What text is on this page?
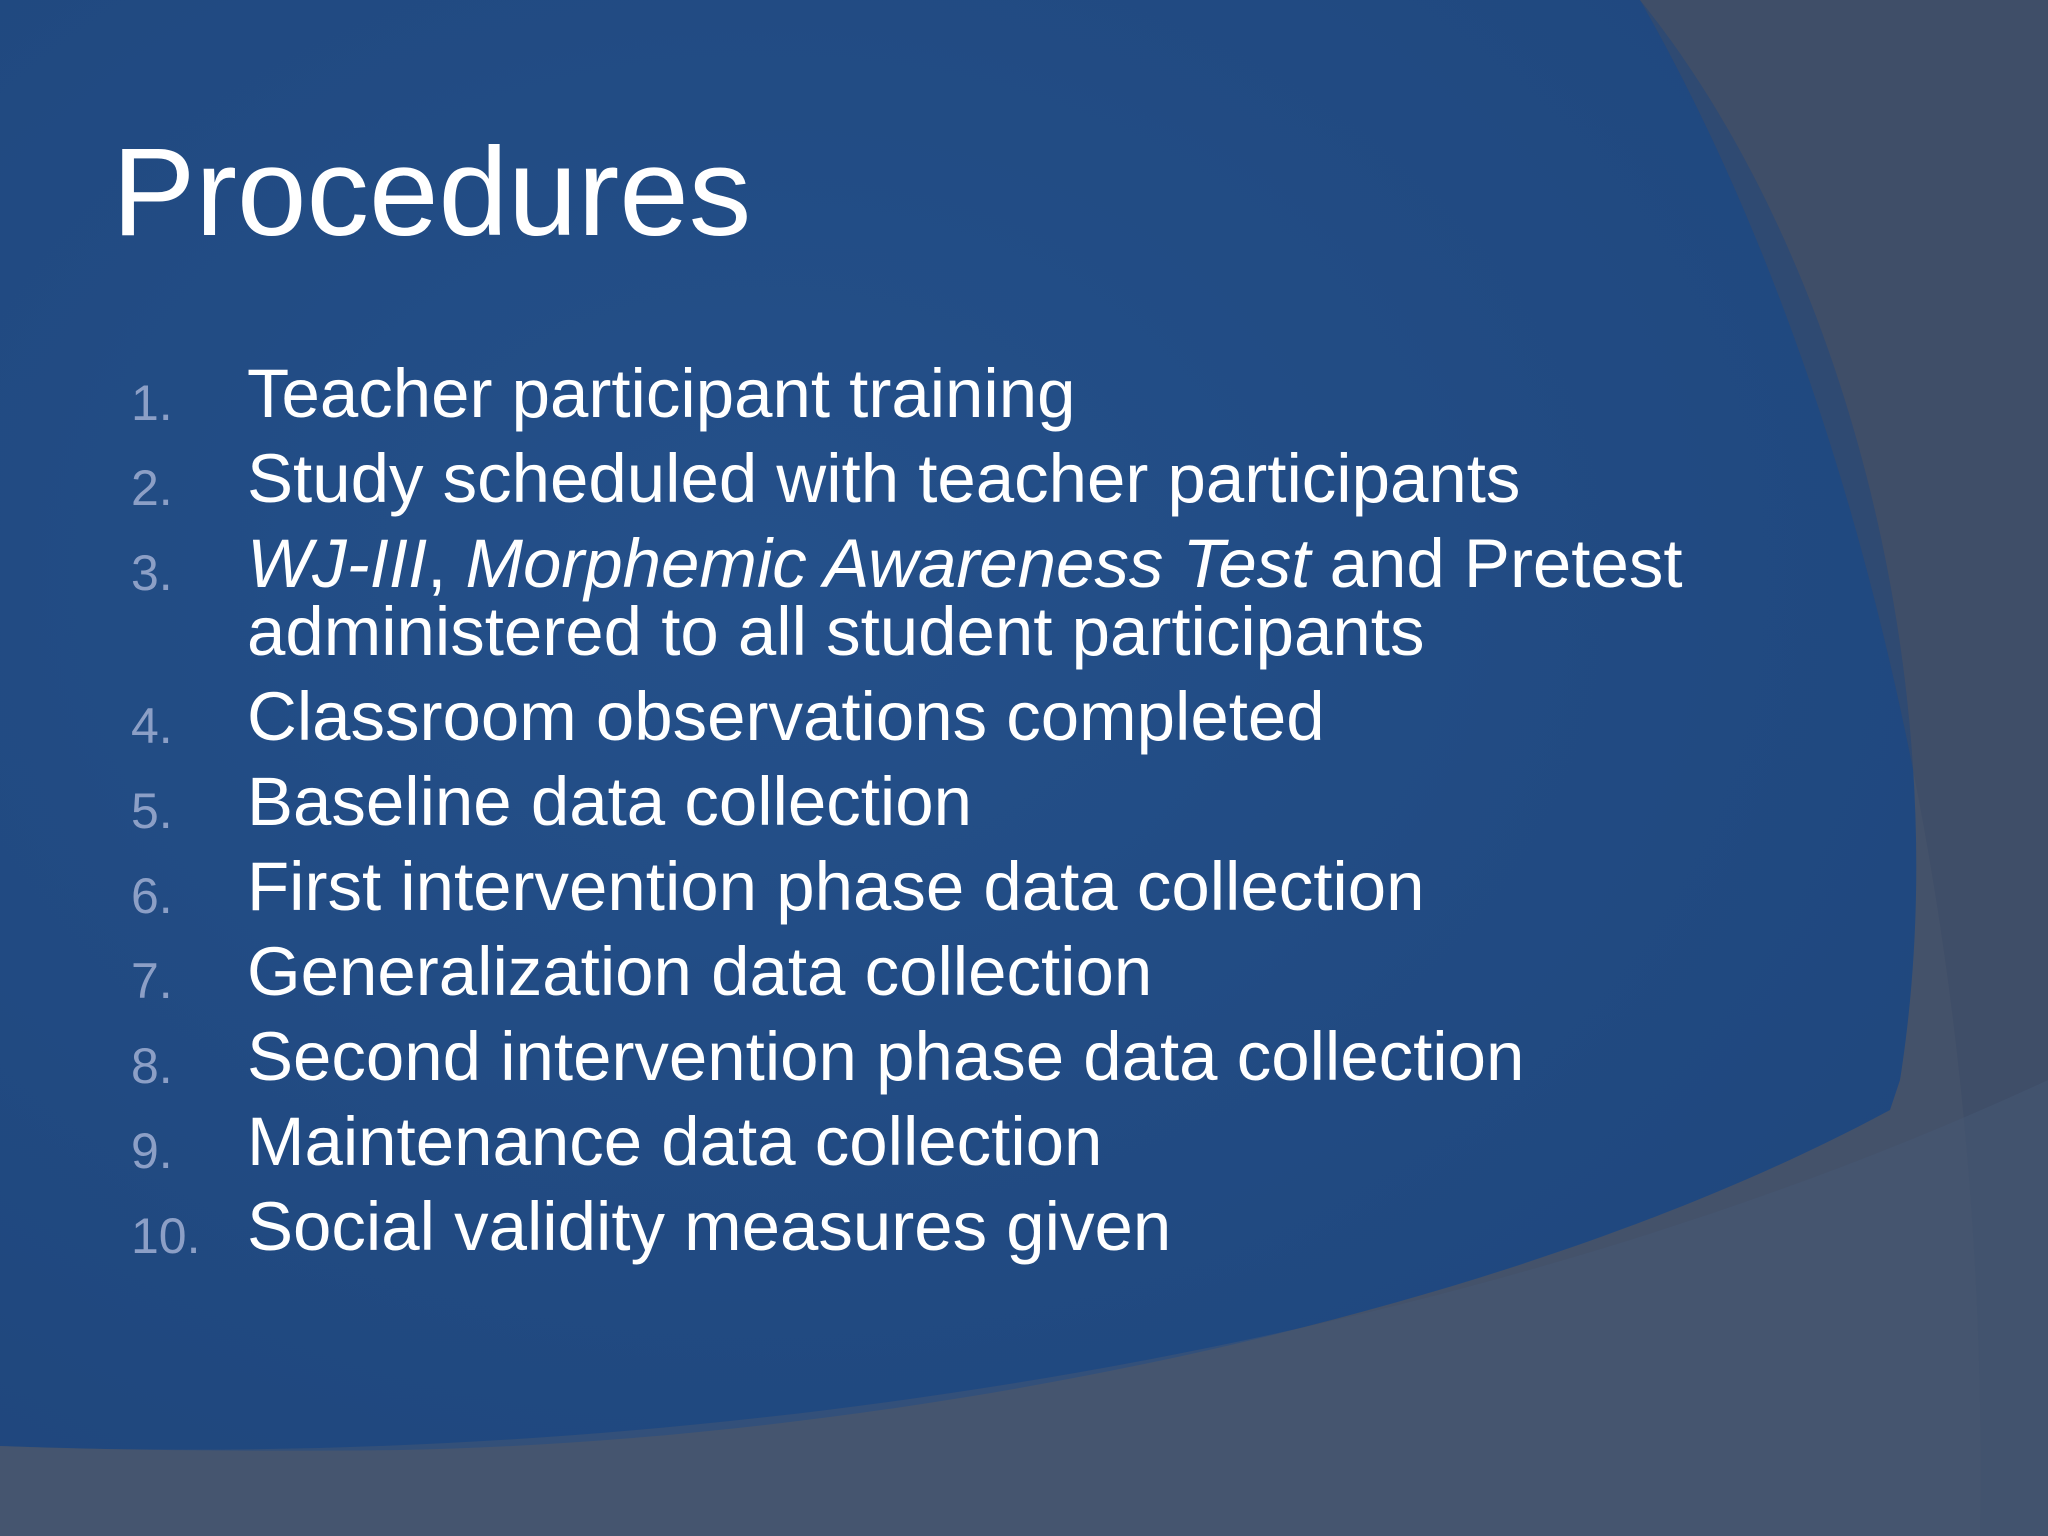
Procedures
1. Teacher participant training
2. Study scheduled with teacher participants
3. WJ-III, Morphemic Awareness Test and Pretest
administered to all student participants
4. Classroom observations completed
5. Baseline data collection
6. First intervention phase data collection
7. Generalization data collection
8. Second intervention phase data collection
9. Maintenance data collection
10. Social validity measures given
